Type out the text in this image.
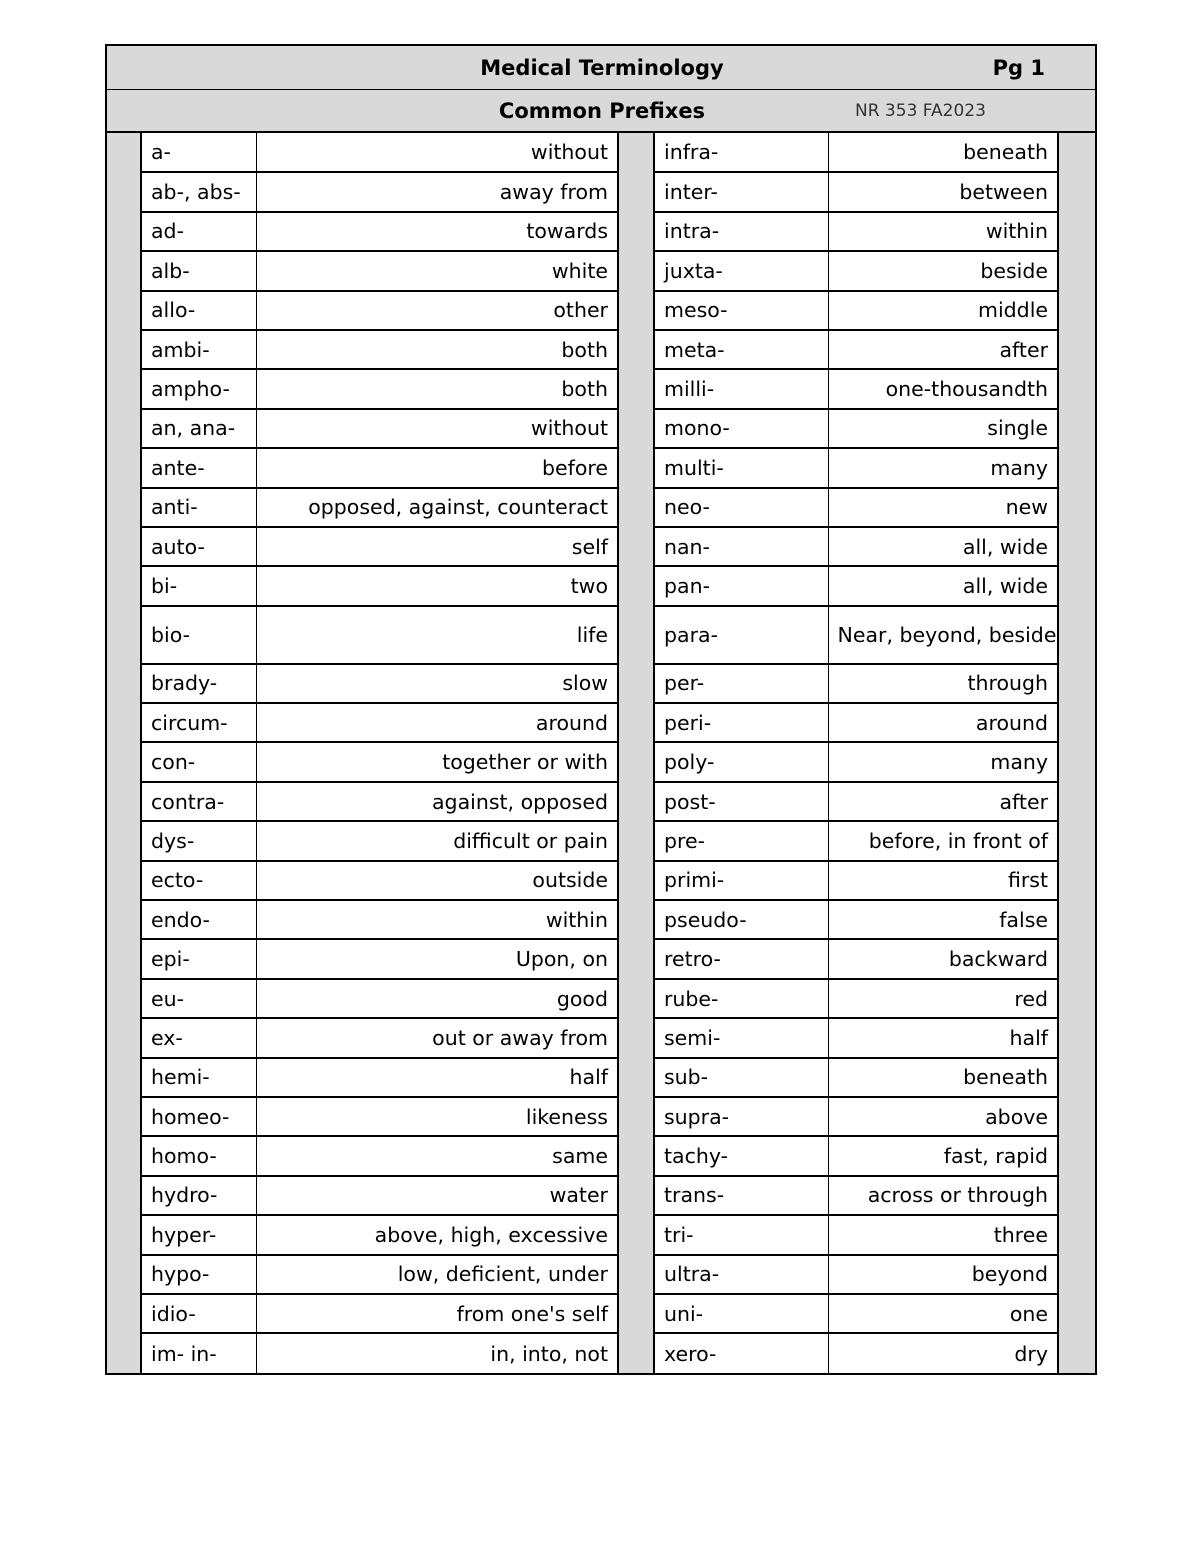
Medical Terminology	Pg 1
Common Prefixes	NR 353 FA2023
	a-	without		infra-	beneath	
	ab-, abs-	away from		inter-	between	
	ad-	towards		intra-	within	
	alb-	white		juxta-	beside	
	allo-	other		meso-	middle	
	ambi-	both		meta-	after	
	ampho-	both		milli-	one-thousandth	
	an, ana-	without		mono-	single	
	ante-	before		multi-	many	
	anti-	opposed, against, counteract		neo-	new	
	auto-	self		nan-	all, wide	
	bi-	two		pan-	all, wide	
	bio-	life		para-	Near, beyond, beside	
	brady-	slow		per-	through	
	circum-	around		peri-	around	
	con-	together or with		poly-	many	
	contra-	against, opposed		post-	after	
	dys-	difficult or pain		pre-	before, in front of	
	ecto-	outside		primi-	first	
	endo-	within		pseudo-	false	
	epi-	Upon, on		retro-	backward	
	eu-	good		rube-	red	
	ex-	out or away from		semi-	half	
	hemi-	half		sub-	beneath	
	homeo-	likeness		supra-	above	
	homo-	same		tachy-	fast, rapid	
	hydro-	water		trans-	across or through	
	hyper-	above, high, excessive		tri-	three	
	hypo-	low, deficient, under		ultra-	beyond	
	idio-	from one's self		uni-	one	
	im- in-	in, into, not		xero-	dry	
